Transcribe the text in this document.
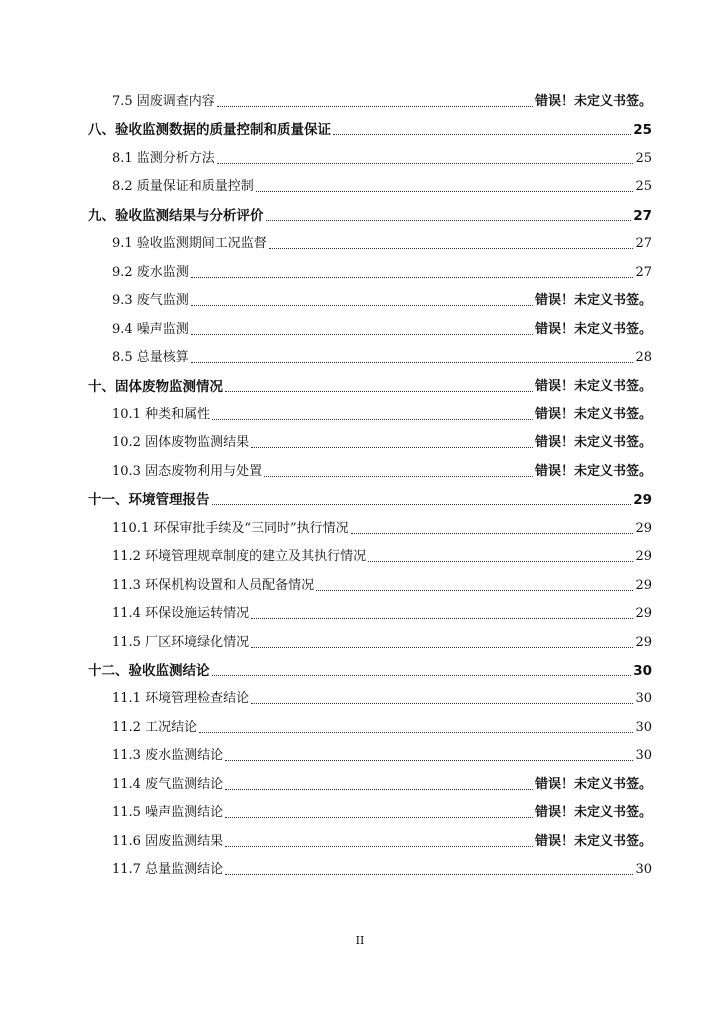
7.5 固废调查内容	错误！未定义书签。
八、验收监测数据的质量控制和质量保证	25
8.1 监测分析方法	25
8.2 质量保证和质量控制	25
九、验收监测结果与分析评价	27
9.1 验收监测期间工况监督	27
9.2 废水监测	27
9.3 废气监测	错误！未定义书签。
9.4 噪声监测	错误！未定义书签。
8.5 总量核算	28
十、固体废物监测情况	错误！未定义书签。
10.1 种类和属性	错误！未定义书签。
10.2 固体废物监测结果	错误！未定义书签。
10.3 固态废物利用与处置	错误！未定义书签。
十一、环境管理报告	29
110.1 环保审批手续及“三同时”执行情况	29
11.2 环境管理规章制度的建立及其执行情况	29
11.3 环保机构设置和人员配备情况	29
11.4 环保设施运转情况	29
11.5 厂区环境绿化情况	29
十二、验收监测结论	30
11.1 环境管理检查结论	30
11.2 工况结论	30
11.3 废水监测结论	30
11.4 废气监测结论	错误！未定义书签。
11.5 噪声监测结论	错误！未定义书签。
11.6 固废监测结果	错误！未定义书签。
11.7 总量监测结论	30
II
